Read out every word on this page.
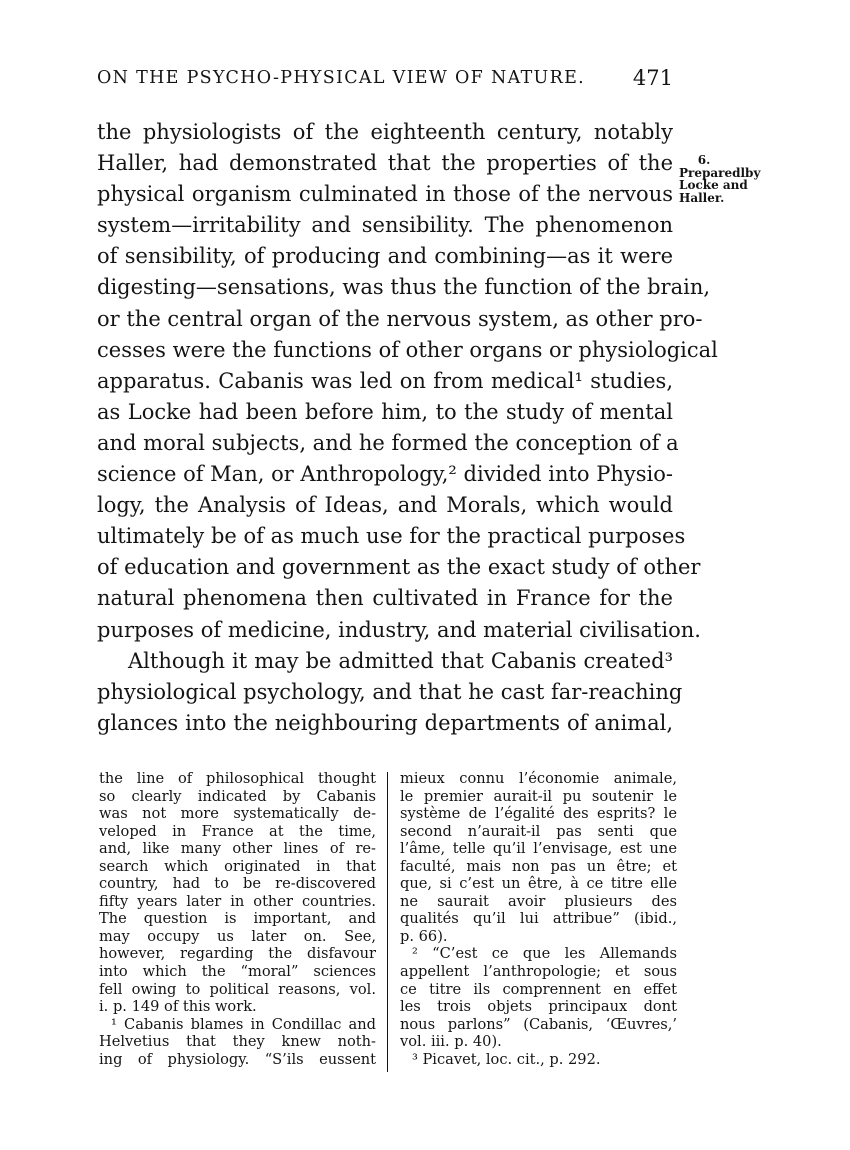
ON THE PSYCHO-PHYSICAL VIEW OF NATURE. 471
6.
Preparedlby
Locke and
Haller.
the physiologists of the eighteenth century, notably
Haller, had demonstrated that the properties of the
physical organism culminated in those of the nervous
system—irritability and sensibility. The phenomenon
of sensibility, of producing and combining—as it were
digesting—sensations, was thus the function of the brain,
or the central organ of the nervous system, as other pro-
cesses were the functions of other organs or physiological
apparatus. Cabanis was led on from medical¹ studies,
as Locke had been before him, to the study of mental
and moral subjects, and he formed the conception of a
science of Man, or Anthropology,² divided into Physio-
logy, the Analysis of Ideas, and Morals, which would
ultimately be of as much use for the practical purposes
of education and government as the exact study of other
natural phenomena then cultivated in France for the
purposes of medicine, industry, and material civilisation.
Although it may be admitted that Cabanis created³
physiological psychology, and that he cast far-reaching
glances into the neighbouring departments of animal,
the line of philosophical thought
so clearly indicated by Cabanis
was not more systematically de-
veloped in France at the time,
and, like many other lines of re-
search which originated in that
country, had to be re-discovered
fifty years later in other countries.
The question is important, and
may occupy us later on. See,
however, regarding the disfavour
into which the “moral” sciences
fell owing to political reasons, vol.
i. p. 149 of this work.
¹ Cabanis blames in Condillac and
Helvetius that they knew noth-
ing of physiology. “S’ils eussent
mieux connu l’économie animale,
le premier aurait-il pu soutenir le
système de l’égalité des esprits? le
second n’aurait-il pas senti que
l’âme, telle qu’il l’envisage, est une
faculté, mais non pas un être; et
que, si c’est un être, à ce titre elle
ne saurait avoir plusieurs des
qualités qu’il lui attribue” (ibid.,
p. 66).
² “C’est ce que les Allemands
appellent l’anthropologie; et sous
ce titre ils comprennent en effet
les trois objets principaux dont
nous parlons” (Cabanis, ‘Œuvres,’
vol. iii. p. 40).
³ Picavet, loc. cit., p. 292.
